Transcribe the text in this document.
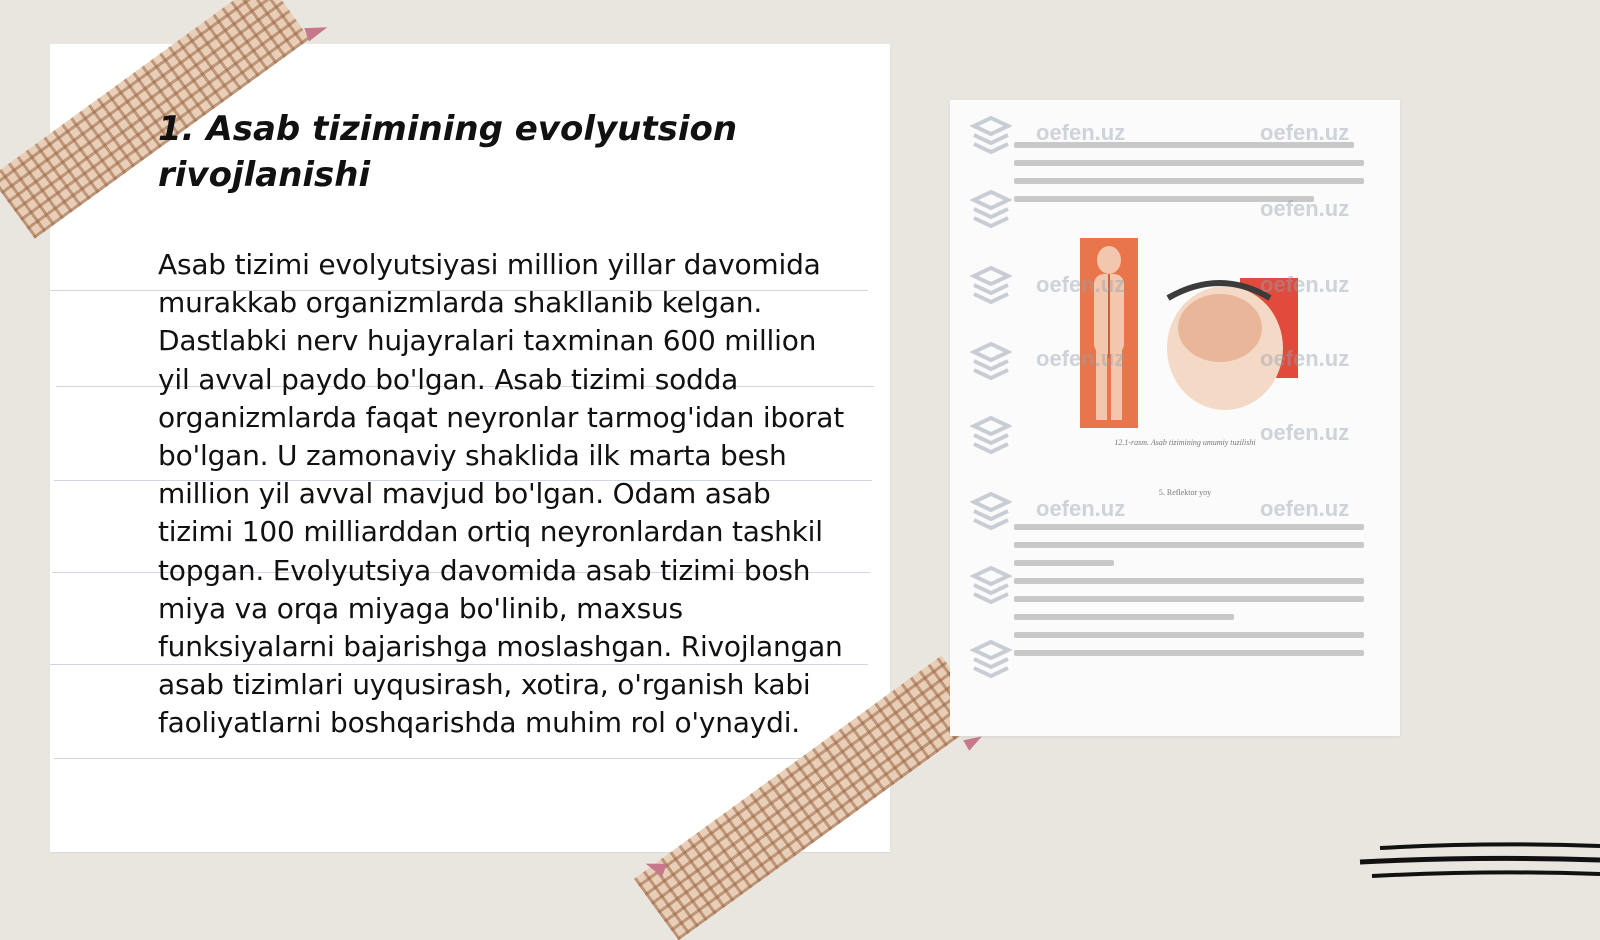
1. Asab tizimining evolyutsion rivojlanishi

Asab tizimi evolyutsiyasi million yillar davomida murakkab organizmlarda shakllanib kelgan. Dastlabki nerv hujayralari taxminan 600 million yil avval paydo bo'lgan. Asab tizimi sodda organizmlarda faqat neyronlar tarmog'idan iborat bo'lgan. U zamonaviy shaklida ilk marta besh million yil avval mavjud bo'lgan. Odam asab tizimi 100 milliarddan ortiq neyronlardan tashkil topgan. Evolyutsiya davomida asab tizimi bosh miya va orqa miyaga bo'linib, maxsus funksiyalarni bajarishga moslashgan. Rivojlangan asab tizimlari uyqusirash, xotira, o'rganish kabi faoliyatlarni boshqarishda muhim rol o'ynaydi.

12.1-rasm. Asab tizimining umumiy tuzilishi
5. Reflektor yoy
oefen.uz	oefen.uz
oefen.uz
oefen.uz	oefen.uz
oefen.uz	oefen.uz
oefen.uz
oefen.uz	oefen.uz
